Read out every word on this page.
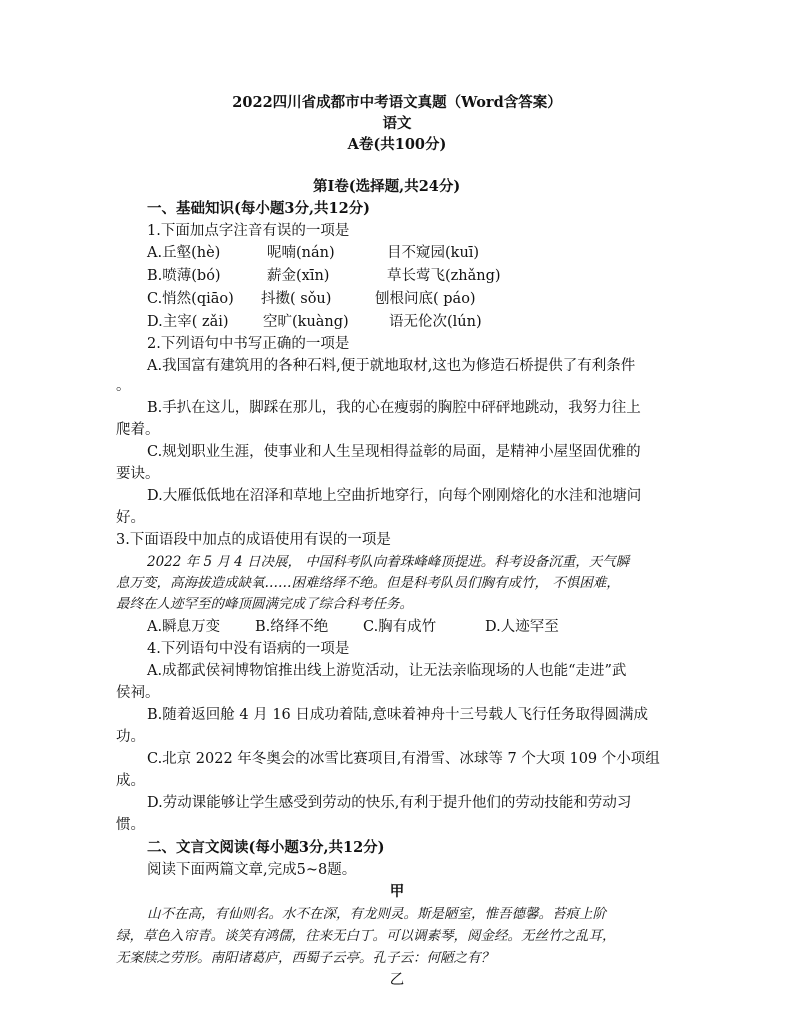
2022四川省成都市中考语文真题（Word含答案）
语文
A卷(共100分)
第Ⅰ卷(选择题,共24分)
一、基础知识(每小题3分,共12分)
1.下面加点字注音有误的一项是
A.丘壑(hè)	呢喃(nán)	目不窥园(kuī)
B.喷薄(bó)	薪金(xīn)	草长莺飞(zhǎng)
C.悄然(qiāo) 抖擞( sǒu)	刨根问底( páo)
D.主宰( zǎi) 空旷(kuàng)	语无伦次(lún)
2.下列语句中书写正确的一项是
A.我国富有建筑用的各种石料,便于就地取材,这也为修造石桥提供了有利条件
。
B.手扒在这儿，脚踩在那儿，我的心在瘦弱的胸腔中砰砰地跳动，我努力往上
爬着。
C.规划职业生涯，使事业和人生呈现相得益彰的局面，是精神小屋坚固优雅的
要诀。
D.大雁低低地在沼泽和草地上空曲折地穿行，向每个刚刚熔化的水洼和池塘问
好。
3.下面语段中加点的成语使用有误的一项是
2022 年 5 月 4 日决展， 中国科考队向着珠峰峰顶提进。科考设备沉重，天气瞬
息万变，高海拔造成缺氧……困难络绎不绝。但是科考队员们胸有成竹， 不惧困难，
最终在人迹罕至的峰顶圆满完成了综合科考任务。
A.瞬息万变 B.络绎不绝 C.胸有成竹	D.人迹罕至
4.下列语句中没有语病的一项是
A.成都武侯祠博物馆推出线上游览活动，让无法亲临现场的人也能“走进”武
侯祠。
B.随着返回舱 4 月 16 日成功着陆,意味着神舟十三号载人飞行任务取得圆满成
功。
C.北京 2022 年冬奥会的冰雪比赛项目,有滑雪、冰球等 7 个大项 109 个小项组
成。
D.劳动课能够让学生感受到劳动的快乐,有利于提升他们的劳动技能和劳动习
惯。
二、文言文阅读(每小题3分,共12分)
阅读下面两篇文章,完成5~8题。
甲
山不在高，有仙则名。水不在深，有龙则灵。斯是陋室，惟吾德馨。苔痕上阶
绿，草色入帘青。谈笑有鸿儒，往来无白丁。可以调素琴，阅金经。无丝竹之乱耳，
无案牍之劳形。南阳诸葛庐，西蜀子云亭。孔子云：何陋之有？
乙
